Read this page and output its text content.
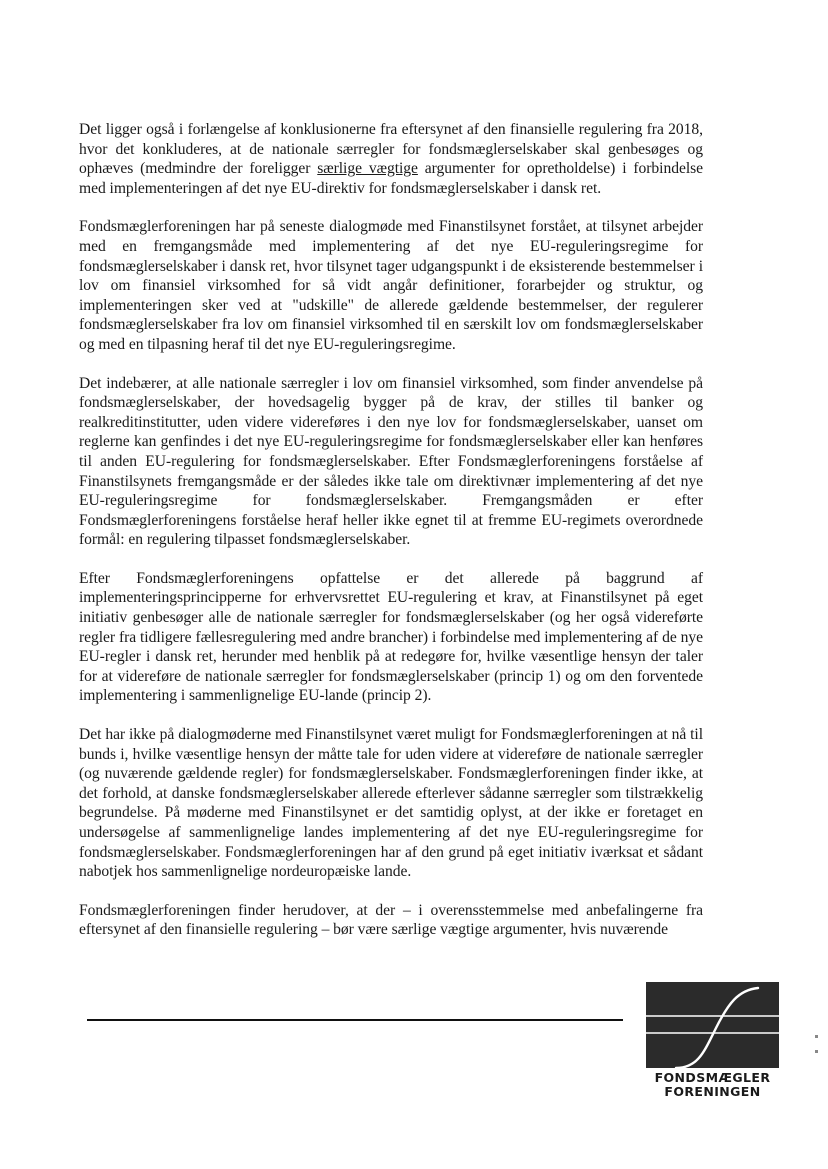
Det ligger også i forlængelse af konklusionerne fra eftersynet af den finansielle regulering fra 2018, hvor det konkluderes, at de nationale særregler for fondsmæglerselskaber skal genbesøges og ophæves (medmindre der foreligger særlige vægtige argumenter for opretholdelse) i forbindelse med implementeringen af det nye EU-direktiv for fondsmæglerselskaber i dansk ret.

Fondsmæglerforeningen har på seneste dialogmøde med Finanstilsynet forstået, at tilsynet arbejder med en fremgangsmåde med implementering af det nye EU-reguleringsregime for fondsmæglerselskaber i dansk ret, hvor tilsynet tager udgangspunkt i de eksisterende bestemmelser i lov om finansiel virksomhed for så vidt angår definitioner, forarbejder og struktur, og implementeringen sker ved at "udskille" de allerede gældende bestemmelser, der regulerer fondsmæglerselskaber fra lov om finansiel virksomhed til en særskilt lov om fondsmæglerselskaber og med en tilpasning heraf til det nye EU-reguleringsregime.

Det indebærer, at alle nationale særregler i lov om finansiel virksomhed, som finder anvendelse på fondsmæglerselskaber, der hovedsagelig bygger på de krav, der stilles til banker og realkreditinstitutter, uden videre videreføres i den nye lov for fondsmæglerselskaber, uanset om reglerne kan genfindes i det nye EU-reguleringsregime for fondsmæglerselskaber eller kan henføres til anden EU-regulering for fondsmæglerselskaber. Efter Fondsmæglerforeningens forståelse af Finanstilsynets fremgangsmåde er der således ikke tale om direktivnær implementering af det nye EU-reguleringsregime for fondsmæglerselskaber. Fremgangsmåden er efter Fondsmæglerforeningens forståelse heraf heller ikke egnet til at fremme EU-regimets overordnede formål: en regulering tilpasset fondsmæglerselskaber.

Efter Fondsmæglerforeningens opfattelse er det allerede på baggrund af implementeringsprincipperne for erhvervsrettet EU-regulering et krav, at Finanstilsynet på eget initiativ genbesøger alle de nationale særregler for fondsmæglerselskaber (og her også videreførte regler fra tidligere fællesregulering med andre brancher) i forbindelse med implementering af de nye EU-regler i dansk ret, herunder med henblik på at redegøre for, hvilke væsentlige hensyn der taler for at videreføre de nationale særregler for fondsmæglerselskaber (princip 1) og om den forventede implementering i sammenlignelige EU-lande (princip 2).

Det har ikke på dialogmøderne med Finanstilsynet været muligt for Fondsmæglerforeningen at nå til bunds i, hvilke væsentlige hensyn der måtte tale for uden videre at videreføre de nationale særregler (og nuværende gældende regler) for fondsmæglerselskaber. Fondsmæglerforeningen finder ikke, at det forhold, at danske fondsmæglerselskaber allerede efterlever sådanne særregler som tilstrækkelig begrundelse. På møderne med Finanstilsynet er det samtidig oplyst, at der ikke er foretaget en undersøgelse af sammenlignelige landes implementering af det nye EU-reguleringsregime for fondsmæglerselskaber. Fondsmæglerforeningen har af den grund på eget initiativ iværksat et sådant nabotjek hos sammenlignelige nordeuropæiske lande.

Fondsmæglerforeningen finder herudover, at der – i overensstemmelse med anbefalingerne fra eftersynet af den finansielle regulering – bør være særlige vægtige argumenter, hvis nuværende

FONDSMÆGLER
FORENINGEN
